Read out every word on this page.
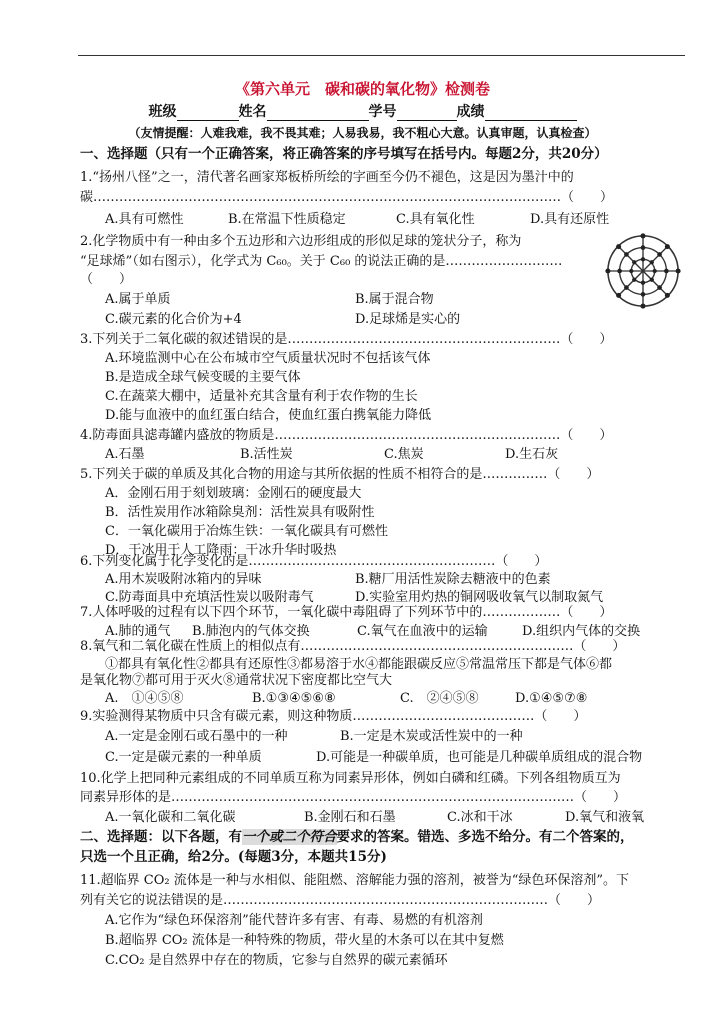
《第六单元　碳和碳的氧化物》检测卷
班级	姓名	学号	成绩
（友情提醒：人难我难，我不畏其难；人易我易，我不粗心大意。认真审题，认真检查）
一、选择题（只有一个正确答案，将正确答案的序号填写在括号内。每题2分，共20分）
1.“扬州八怪”之一，清代著名画家郑板桥所绘的字画至今仍不褪色，这是因为墨汁中的
碳………………………………………………………………………………………………（　　）
A.具有可燃性	B.在常温下性质稳定	C.具有氧化性	D.具有还原性
2.化学物质中有一种由多个五边形和六边形组成的形似足球的笼状分子，称为
“足球烯”（如右图示），化学式为 C₆₀。关于 C₆₀ 的说法正确的是………………………
（　　）
A.属于单质	B.属于混合物
C.碳元素的化合价为+4	D.足球烯是实心的
3.下列关于二氧化碳的叙述错误的是………………………………………………………（　　）
A.环境监测中心在公布城市空气质量状况时不包括该气体
B.是造成全球气候变暖的主要气体
C.在蔬菜大棚中，适量补充其含量有利于农作物的生长
D.能与血液中的血红蛋白结合，使血红蛋白携氧能力降低
4.防毒面具滤毒罐内盛放的物质是…………………………………………………………（　　）
A.石墨	B.活性炭	C.焦炭	D.生石灰
5.下列关于碳的单质及其化合物的用途与其所依据的性质不相符合的是……………（　　）
A．金刚石用于刻划玻璃：金刚石的硬度最大
B．活性炭用作冰箱除臭剂：活性炭具有吸附性
C．一氧化碳用于冶炼生铁：一氧化碳具有可燃性
D．干冰用于人工降雨：干冰升华时吸热
6.下列变化属于化学变化的是…………………………………………………（　　）
A.用木炭吸附冰箱内的异味	B.糖厂用活性炭除去糖液中的色素
C.防毒面具中充填活性炭以吸附毒气	D.实验室用灼热的铜网吸收氧气以制取氮气
7.人体呼吸的过程有以下四个环节，一氧化碳中毒阻碍了下列环节中的………………（　　）
A.肺的通气 B.肺泡内的气体交换	C.氧气在血液中的运输	D.组织内气体的交换
8.氧气和二氧化碳在性质上的相似点有………………………………………………………（　　）
①都具有氧化性②都具有还原性③都易溶于水④都能跟碳反应⑤常温常压下都是气体⑥都
是氧化物⑦都可用于灭火⑧通常状况下密度都比空气大
A.　①④⑤⑧	B.①③④⑤⑥⑧	C.　②④⑤⑧	D.①④⑤⑦⑧
9.实验测得某物质中只含有碳元素，则这种物质……………………………………（　　）
A.一定是金刚石或石墨中的一种	B.一定是木炭或活性炭中的一种
C.一定是碳元素的一种单质	D.可能是一种碳单质，也可能是几种碳单质组成的混合物
10.化学上把同种元素组成的不同单质互称为同素异形体，例如白磷和红磷。下列各组物质互为
同素异形体的是…………………………………………………………………………………（　　）
A.一氧化碳和二氧化碳	B.金刚石和石墨	C.冰和干冰	D.氧气和液氧
二、选择题：以下各题，有一个或二个符合要求的答案。错选、多选不给分。有二个答案的，
只选一个且正确，给2分。(每题3分，本题共15分)
11.超临界 CO₂ 流体是一种与水相似、能阻燃、溶解能力强的溶剂，被誉为“绿色环保溶剂”。下
列有关它的说法错误的是…………………………………………………………………（　　）
A.它作为“绿色环保溶剂”能代替许多有害、有毒、易燃的有机溶剂
B.超临界 CO₂ 流体是一种特殊的物质，带火星的木条可以在其中复燃
C.CO₂ 是自然界中存在的物质，它参与自然界的碳元素循环
